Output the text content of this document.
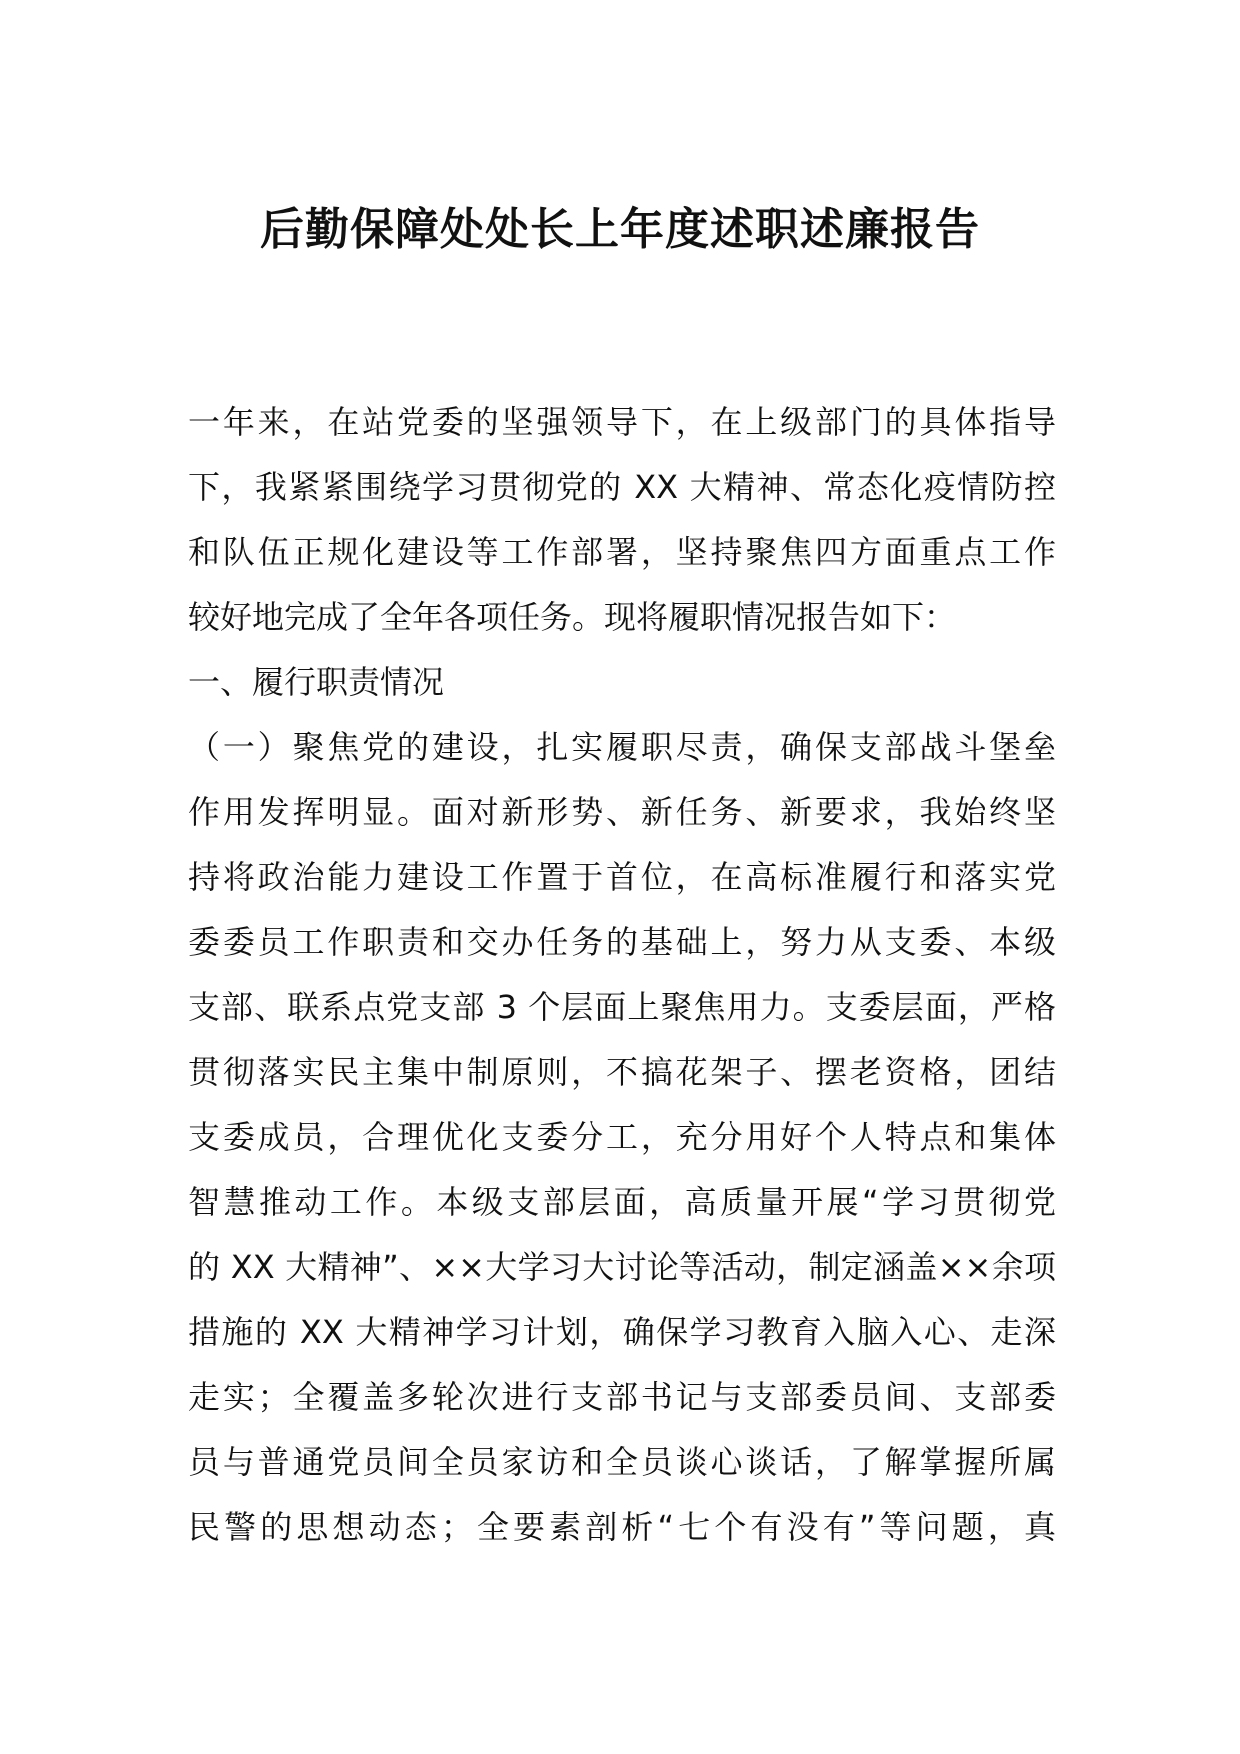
后勤保障处处长上年度述职述廉报告
一年来，在站党委的坚强领导下，在上级部门的具体指导
下，我紧紧围绕学习贯彻党的 XX 大精神、常态化疫情防控
和队伍正规化建设等工作部署，坚持聚焦四方面重点工作
较好地完成了全年各项任务。现将履职情况报告如下：
一、履行职责情况
（一）聚焦党的建设，扎实履职尽责，确保支部战斗堡垒
作用发挥明显。面对新形势、新任务、新要求，我始终坚
持将政治能力建设工作置于首位，在高标准履行和落实党
委委员工作职责和交办任务的基础上，努力从支委、本级
支部、联系点党支部 3 个层面上聚焦用力。支委层面，严格
贯彻落实民主集中制原则，不搞花架子、摆老资格，团结
支委成员，合理优化支委分工，充分用好个人特点和集体
智慧推动工作。本级支部层面，高质量开展“学习贯彻党
的 XX 大精神”、××大学习大讨论等活动，制定涵盖××余项
措施的 XX 大精神学习计划，确保学习教育入脑入心、走深
走实；全覆盖多轮次进行支部书记与支部委员间、支部委
员与普通党员间全员家访和全员谈心谈话，了解掌握所属
民警的思想动态；全要素剖析“七个有没有”等问题，真
